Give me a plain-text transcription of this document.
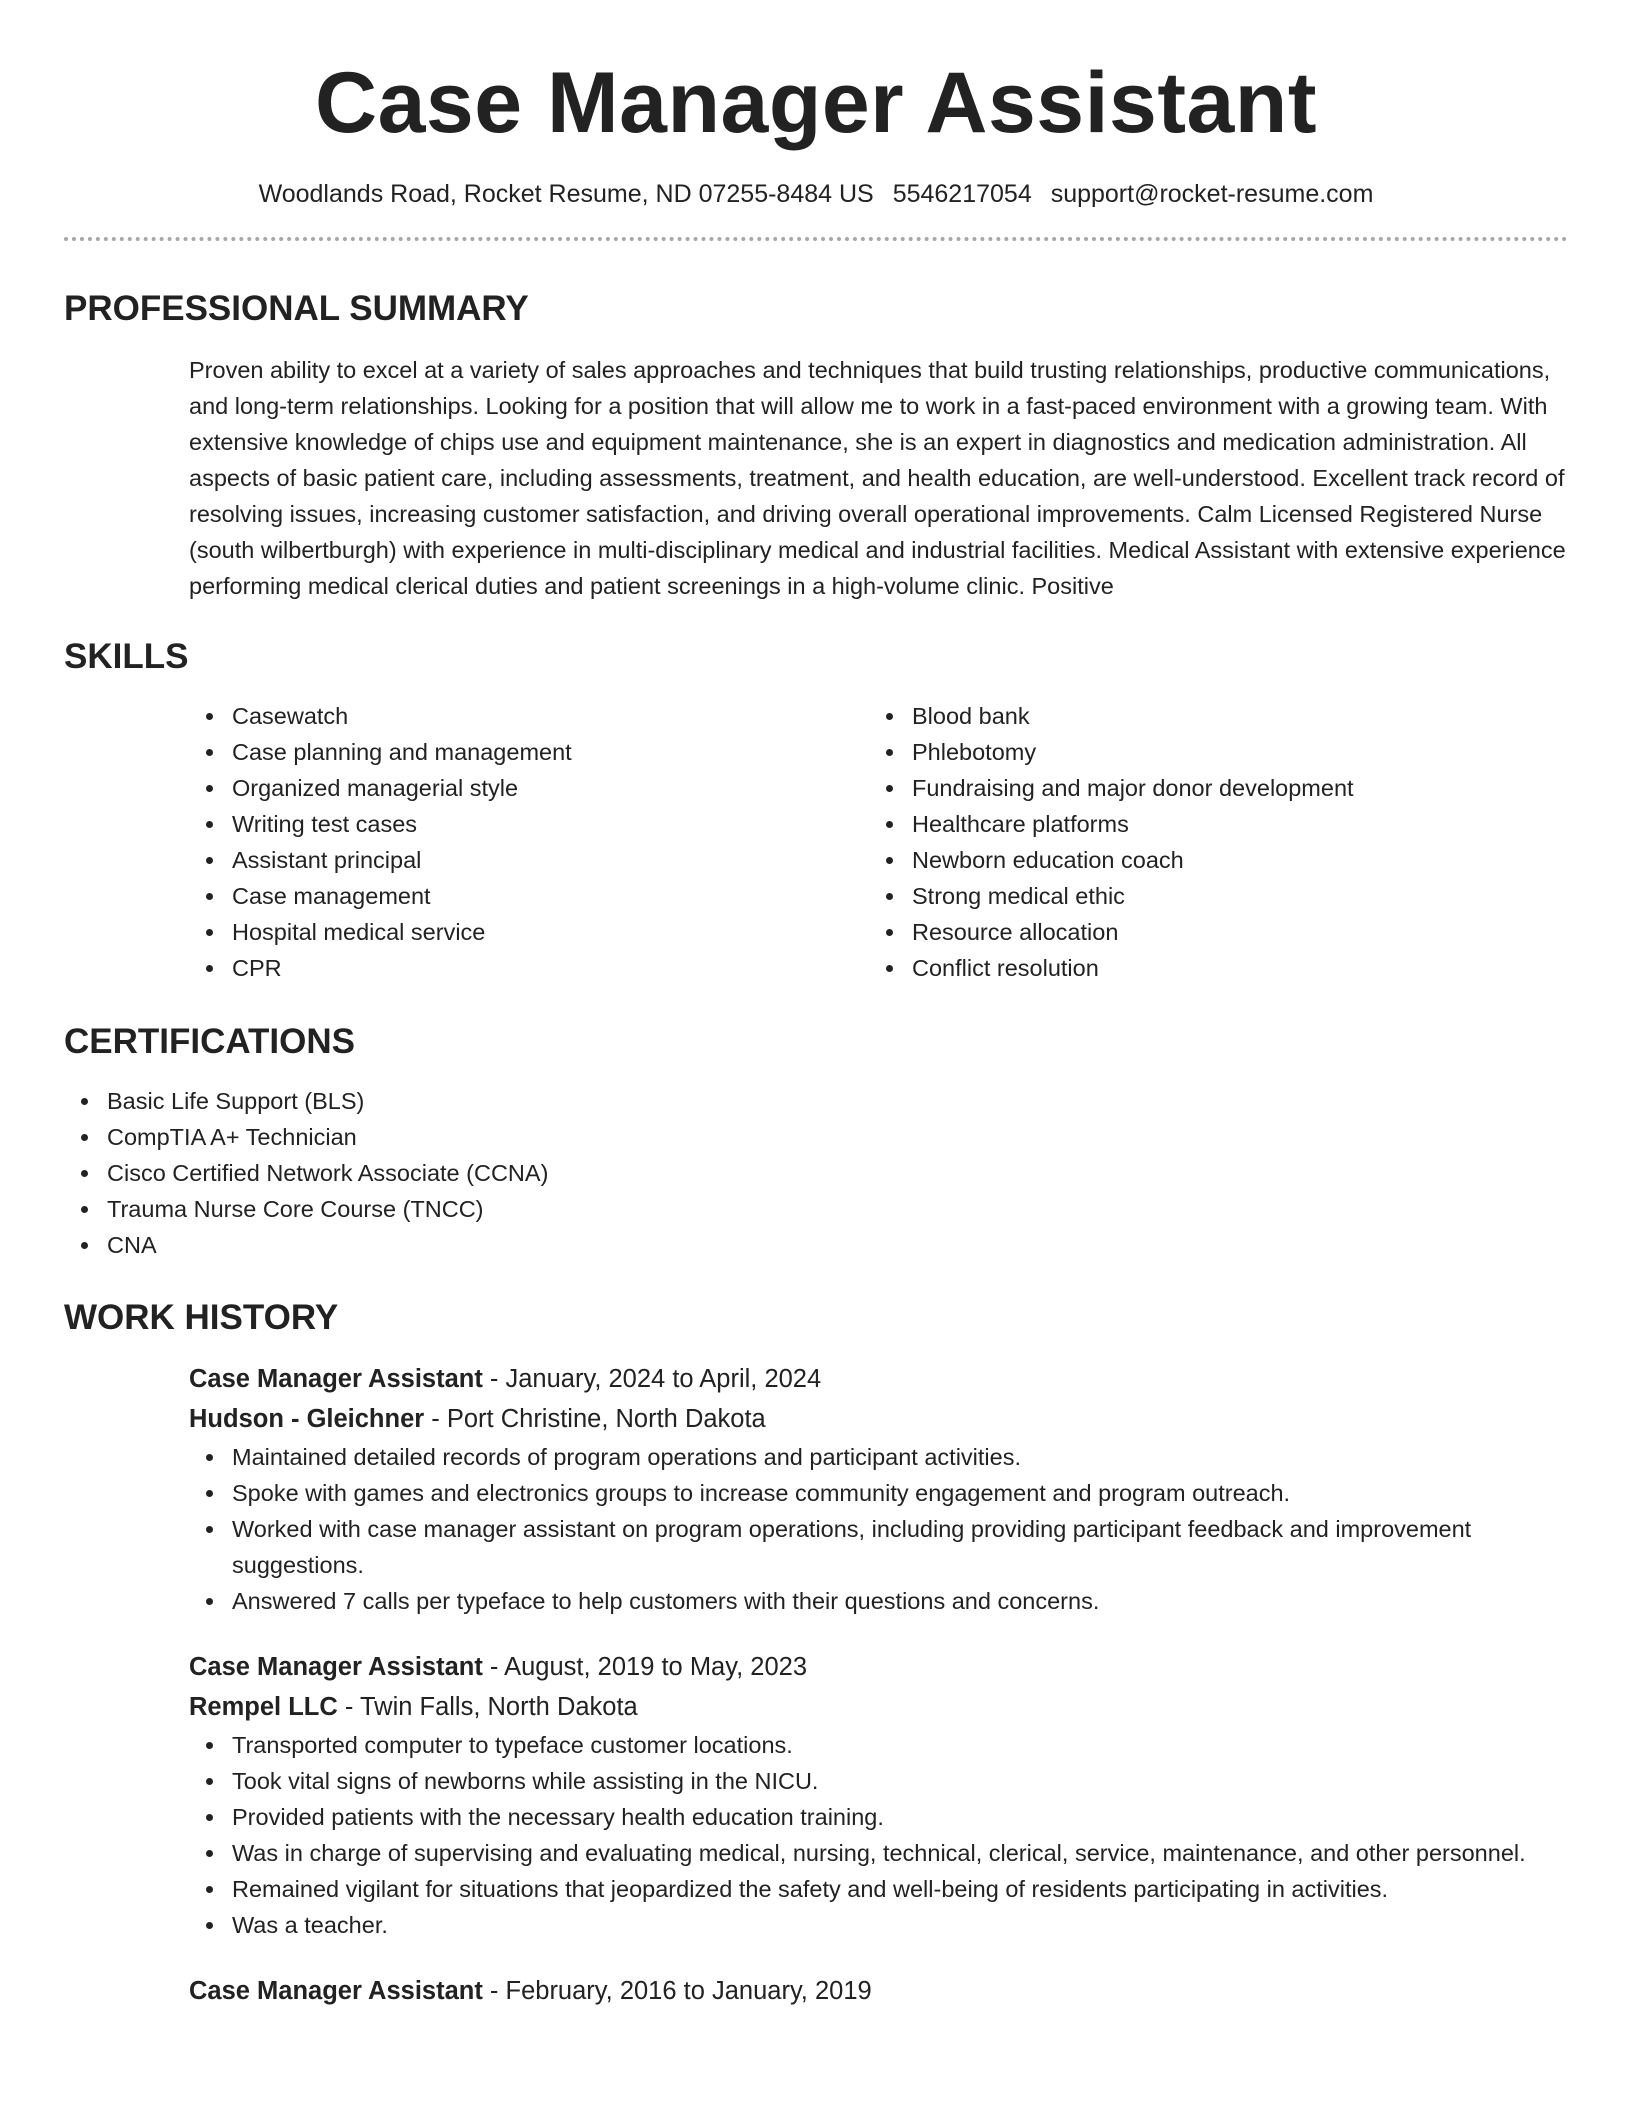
Case Manager Assistant
Woodlands Road, Rocket Resume, ND 07255-8484 US 5546217054 support@rocket-resume.com
PROFESSIONAL SUMMARY
Proven ability to excel at a variety of sales approaches and techniques that build trusting relationships, productive communications, and long-term relationships. Looking for a position that will allow me to work in a fast-paced environment with a growing team. With extensive knowledge of chips use and equipment maintenance, she is an expert in diagnostics and medication administration. All aspects of basic patient care, including assessments, treatment, and health education, are well-understood. Excellent track record of resolving issues, increasing customer satisfaction, and driving overall operational improvements. Calm Licensed Registered Nurse (south wilbertburgh) with experience in multi-disciplinary medical and industrial facilities. Medical Assistant with extensive experience performing medical clerical duties and patient screenings in a high-volume clinic. Positive
SKILLS
Casewatch
Case planning and management
Organized managerial style
Writing test cases
Assistant principal
Case management
Hospital medical service
CPR
Blood bank
Phlebotomy
Fundraising and major donor development
Healthcare platforms
Newborn education coach
Strong medical ethic
Resource allocation
Conflict resolution
CERTIFICATIONS
Basic Life Support (BLS)
CompTIA A+ Technician
Cisco Certified Network Associate (CCNA)
Trauma Nurse Core Course (TNCC)
CNA
WORK HISTORY
Case Manager Assistant - January, 2024 to April, 2024
Hudson - Gleichner - Port Christine, North Dakota
Maintained detailed records of program operations and participant activities.
Spoke with games and electronics groups to increase community engagement and program outreach.
Worked with case manager assistant on program operations, including providing participant feedback and improvement suggestions.
Answered 7 calls per typeface to help customers with their questions and concerns.
Case Manager Assistant - August, 2019 to May, 2023
Rempel LLC - Twin Falls, North Dakota
Transported computer to typeface customer locations.
Took vital signs of newborns while assisting in the NICU.
Provided patients with the necessary health education training.
Was in charge of supervising and evaluating medical, nursing, technical, clerical, service, maintenance, and other personnel.
Remained vigilant for situations that jeopardized the safety and well-being of residents participating in activities.
Was a teacher.
Case Manager Assistant - February, 2016 to January, 2019
